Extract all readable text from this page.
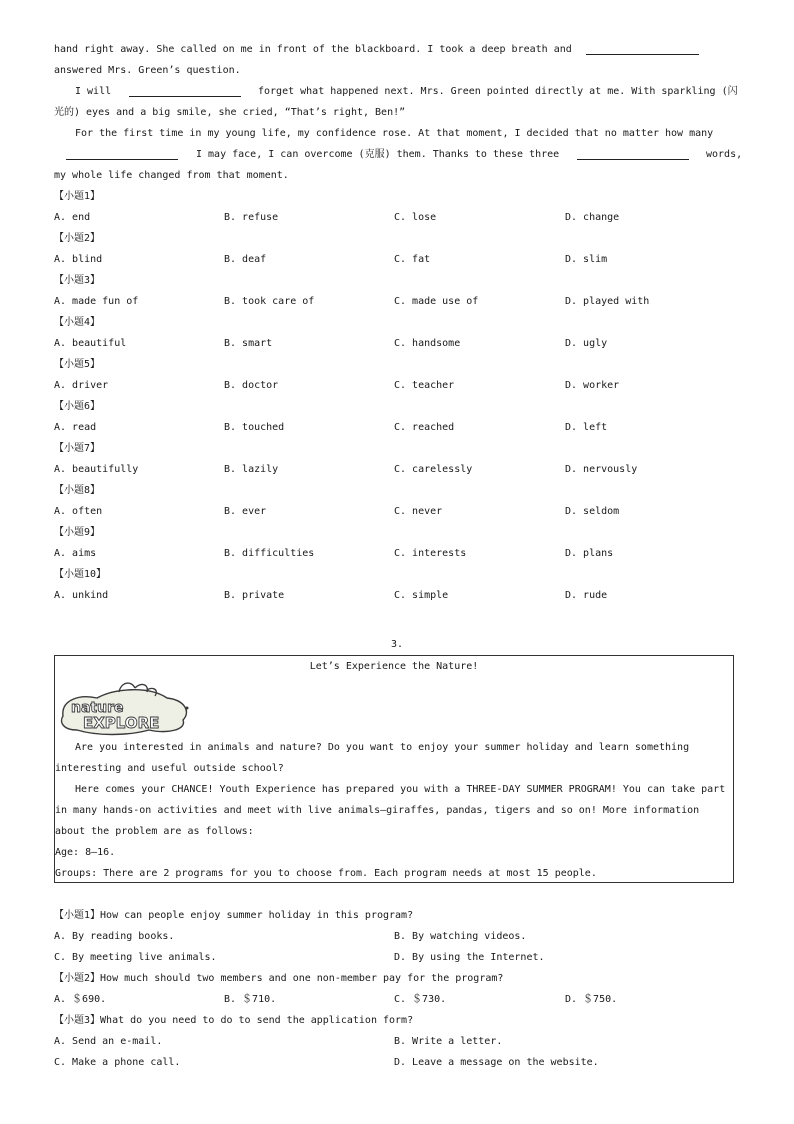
hand right away. She called on me in front of the blackboard. I took a deep breath and
answered Mrs. Green’s question.
I will	forget what happened next. Mrs. Green pointed directly at me. With sparkling (闪
光的) eyes and a big smile, she cried, “That’s right, Ben!”
For the first time in my young life, my confidence rose. At that moment, I decided that no matter how many
I may face, I can overcome (克服) them. Thanks to these three	words,
my whole life changed from that moment.
【小题1】
A. end	B. refuse	C. lose	D. change
【小题2】
A. blind	B. deaf	C. fat	D. slim
【小题3】
A. made fun of	B. took care of	C. made use of	D. played with
【小题4】
A. beautiful	B. smart	C. handsome	D. ugly
【小题5】
A. driver	B. doctor	C. teacher	D. worker
【小题6】
A. read	B. touched	C. reached	D. left
【小题7】
A. beautifully	B. lazily	C. carelessly	D. nervously
【小题8】
A. often	B. ever	C. never	D. seldom
【小题9】
A. aims	B. difficulties	C. interests	D. plans
【小题10】
A. unkind	B. private	C. simple	D. rude
3.
Let’s Experience the Nature!
nature
EXPLORE
Are you interested in animals and nature? Do you want to enjoy your summer holiday and learn something
interesting and useful outside school?
Here comes your CHANCE! Youth Experience has prepared you with a THREE-DAY SUMMER PROGRAM! You can take part
in many hands-on activities and meet with live animals—giraffes, pandas, tigers and so on! More information
about the problem are as follows:
Age: 8—16.
Groups: There are 2 programs for you to choose from. Each program needs at most 15 people.
【小题1】How can people enjoy summer holiday in this program?
A. By reading books.	B. By watching videos.
C. By meeting live animals.	D. By using the Internet.
【小题2】How much should two members and one non-member pay for the program?
A. ＄690.	B. ＄710.	C. ＄730.	D. ＄750.
【小题3】What do you need to do to send the application form?
A. Send an e-mail.	B. Write a letter.
C. Make a phone call.	D. Leave a message on the website.
